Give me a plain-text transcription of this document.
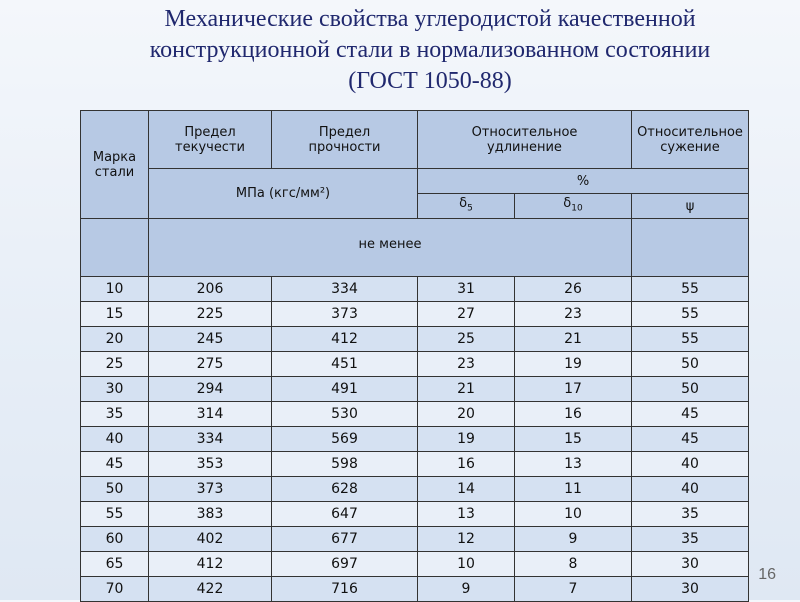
Механические свойства углеродистой качественной
конструкционной стали в нормализованном состоянии
(ГОСТ 1050-88)
Марка стали	Предел текучести	Предел прочности	Относительное удлинение		Относительное сужение
	МПа (кгс/мм²)		%		
			$\delta_5$	$\delta_{10}$	ψ
	не менее				
10	206	334	31	26	55
15	225	373	27	23	55
20	245	412	25	21	55
25	275	451	23	19	50
30	294	491	21	17	50
35	314	530	20	16	45
40	334	569	19	15	45
45	353	598	16	13	40
50	373	628	14	11	40
55	383	647	13	10	35
60	402	677	12	9	35
65	412	697	10	8	30
70	422	716	9	7	30
16
